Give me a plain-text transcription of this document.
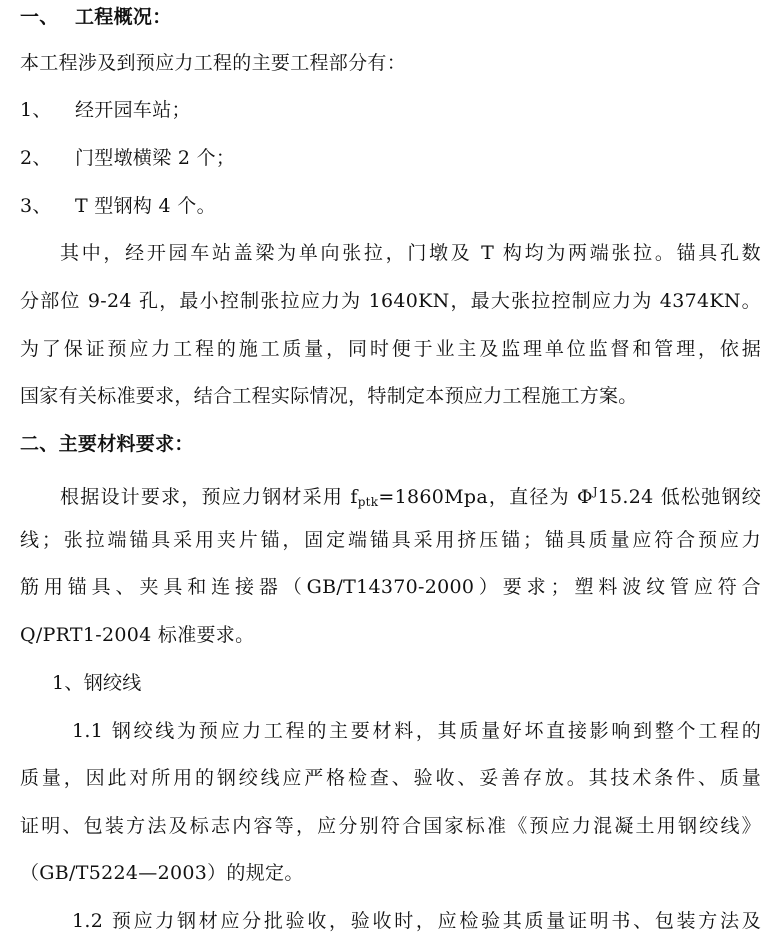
一、 工程概况：
本工程涉及到预应力工程的主要工程部分有：
1、 经开园车站；
2、 门型墩横梁 2 个；
3、 T 型钢构 4 个。
其中，经开园车站盖梁为单向张拉，门墩及 T 构均为两端张拉。锚具孔数
分部位 9-24 孔，最小控制张拉应力为 1640KN，最大张拉控制应力为 4374KN。
为了保证预应力工程的施工质量，同时便于业主及监理单位监督和管理，依据
国家有关标准要求，结合工程实际情况，特制定本预应力工程施工方案。
二、主要材料要求：
根据设计要求，预应力钢材采用 $f_{ptk}=1860Mpa$，直径为 $\Phi^J15.24$ 低松弛钢绞
线；张拉端锚具采用夹片锚，固定端锚具采用挤压锚；锚具质量应符合预应力
筋用锚具、夹具和连接器（GB/T14370-2000）要求；塑料波纹管应符合
Q/PRT1-2004 标准要求。
1、钢绞线
1.1 钢绞线为预应力工程的主要材料，其质量好坏直接影响到整个工程的
质量，因此对所用的钢绞线应严格检查、验收、妥善存放。其技术条件、质量
证明、包装方法及标志内容等，应分别符合国家标准《预应力混凝土用钢绞线》
（GB/T5224—2003）的规定。
1.2 预应力钢材应分批验收，验收时，应检验其质量证明书、包装方法及
